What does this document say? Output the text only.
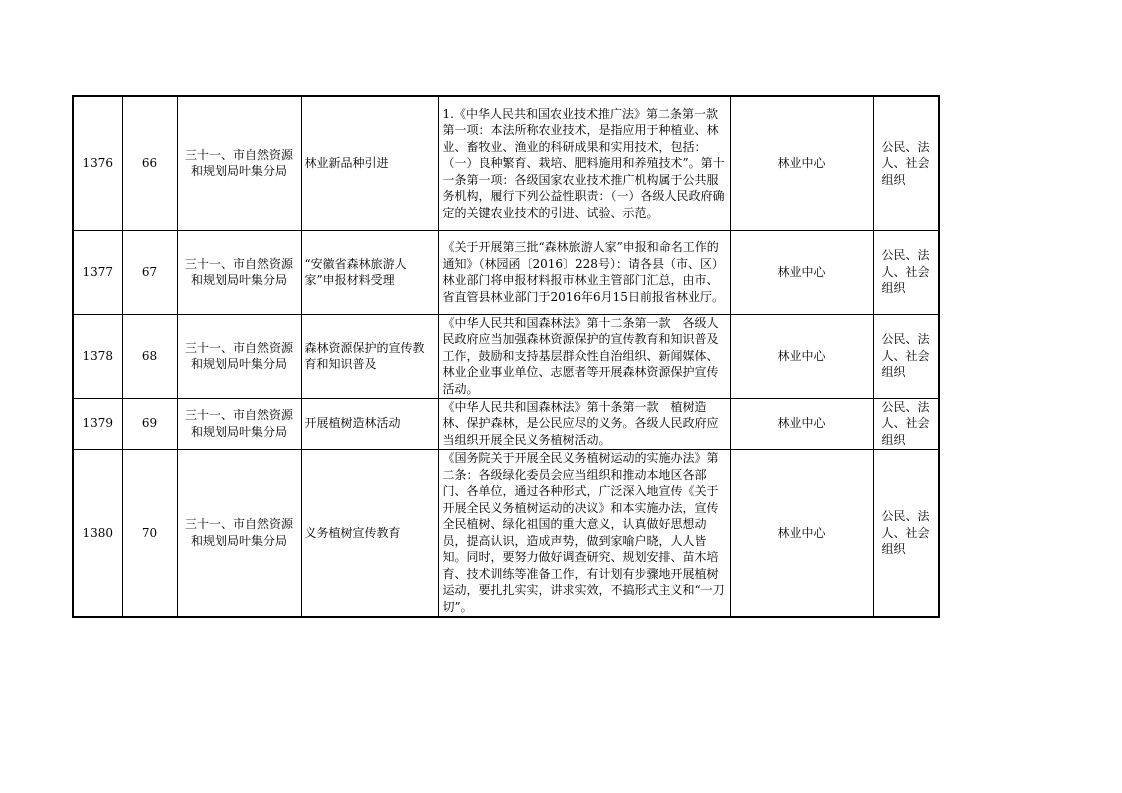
1376	66	三十一、市自然资源和规划局叶集分局	林业新品种引进	1.《中华人民共和国农业技术推广法》第二条第一款第一项：本法所称农业技术，是指应用于种植业、林业、畜牧业、渔业的科研成果和实用技术，包括：（一）良种繁育、栽培、肥料施用和养殖技术”。第十一条第一项：各级国家农业技术推广机构属于公共服务机构，履行下列公益性职责：（一）各级人民政府确定的关键农业技术的引进、试验、示范。	林业中心	公民、法人、社会组织
1377	67	三十一、市自然资源和规划局叶集分局	“安徽省森林旅游人家”申报材料受理	《关于开展第三批“森林旅游人家”申报和命名工作的通知》（林园函〔2016〕228号）：请各县（市、区）林业部门将申报材料报市林业主管部门汇总，由市、省直管县林业部门于2016年6月15日前报省林业厅。	林业中心	公民、法人、社会组织
1378	68	三十一、市自然资源和规划局叶集分局	森林资源保护的宣传教育和知识普及	《中华人民共和国森林法》第十二条第一款　各级人民政府应当加强森林资源保护的宣传教育和知识普及工作，鼓励和支持基层群众性自治组织、新闻媒体、林业企业事业单位、志愿者等开展森林资源保护宣传活动。	林业中心	公民、法人、社会组织
1379	69	三十一、市自然资源和规划局叶集分局	开展植树造林活动	《中华人民共和国森林法》第十条第一款　植树造林、保护森林，是公民应尽的义务。各级人民政府应当组织开展全民义务植树活动。	林业中心	公民、法人、社会组织
1380	70	三十一、市自然资源和规划局叶集分局	义务植树宣传教育	《国务院关于开展全民义务植树运动的实施办法》第二条：各级绿化委员会应当组织和推动本地区各部门、各单位，通过各种形式，广泛深入地宣传《关于开展全民义务植树运动的决议》和本实施办法，宣传全民植树、绿化祖国的重大意义，认真做好思想动员，提高认识，造成声势，做到家喻户晓，人人皆知。同时，要努力做好调查研究、规划安排、苗木培育、技术训练等准备工作，有计划有步骤地开展植树运动，要扎扎实实，讲求实效，不搞形式主义和“一刀切”。	林业中心	公民、法人、社会组织
